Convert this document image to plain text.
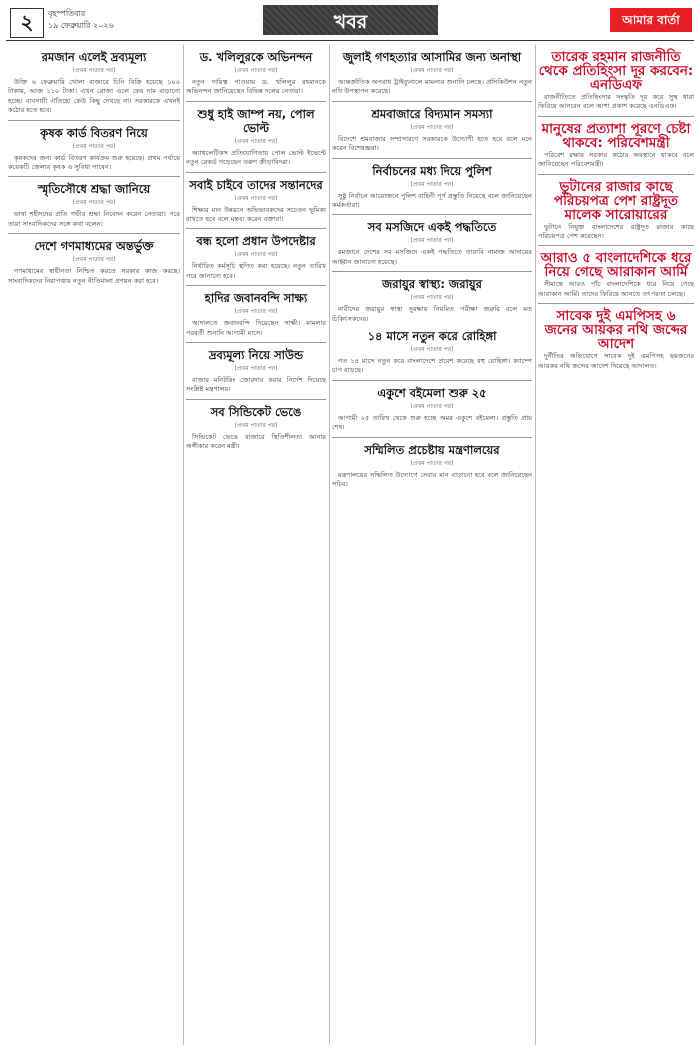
২	বৃহস্পতিবার
১৯ ফেব্রুয়ারি ২০২৬	খবর	আমার বার্তা
রমজান এলেই দ্রব্যমূল্য
(প্রথম পাতার পর)

উক্তি ৬ ফেব্রুয়ারি খোলা বাজারে চিনি বিক্রি হয়েছে ১০০ টাকায়, আজ ১১০ টাকা। এখন রোজা এলে ফের দাম বাড়ানো হচ্ছে। ব্যবসায়ী ঐতিহ্যে কেউ কিছু দেখছে না। সরকারকে এখনই কঠোর হতে হবে।

কৃষক কার্ড বিতরণ নিয়ে
(প্রথম পাতার পর)

কৃষকদের জন্য কার্ড বিতরণ কার্যক্রম শুরু হয়েছে। প্রথম পর্যায়ে কয়েকটি জেলার কৃষক এ সুবিধা পাবেন।

স্মৃতিসৌধে শ্রদ্ধা জানিয়ে
(প্রথম পাতার পর)

ভাষা শহীদদের প্রতি গভীর শ্রদ্ধা নিবেদন করেন নেতারা। পরে তারা সাংবাদিকদের সঙ্গে কথা বলেন।

দেশে গণমাধ্যমের অন্তর্ভুক্ত
(প্রথম পাতার পর)

গণমাধ্যমের স্বাধীনতা নিশ্চিত করতে সরকার কাজ করছে। সাংবাদিকদের নিরাপত্তায় নতুন নীতিমালা প্রণয়ন করা হবে।

ড. খলিলুরকে অভিনন্দন
(প্রথম পাতার পর)

নতুন দায়িত্ব পাওয়ায় ড. খলিলুর রহমানকে অভিনন্দন জানিয়েছেন বিভিন্ন দলের নেতারা।

শুধু হাই জাম্প নয়, পোল ভোল্ট
(প্রথম পাতার পর)

অ্যাথলেটিকস প্রতিযোগিতায় পোল ভোল্ট ইভেন্টে নতুন রেকর্ড গড়েছেন তরুণ ক্রীড়াবিদরা।

সবাই চাইবে তাদের সন্তানদের
(প্রথম পাতার পর)

শিক্ষার মান উন্নয়নে অভিভাবকদের সচেতন ভূমিকা রাখতে হবে বলে মন্তব্য করেন বক্তারা।

বন্ধ হলো প্রধান উপদেষ্টার
(প্রথম পাতার পর)

নির্ধারিত কর্মসূচি স্থগিত করা হয়েছে। নতুন তারিখ পরে জানানো হবে।

হাদির জবানবন্দি সাক্ষ্য
(প্রথম পাতার পর)

আদালতে জবানবন্দি দিয়েছেন সাক্ষী। মামলার পরবর্তী শুনানি আগামী মাসে।

দ্রব্যমূল্য নিয়ে সাউন্ড
(প্রথম পাতার পর)

বাজার মনিটরিং জোরদার করার নির্দেশ দিয়েছে সংশ্লিষ্ট মন্ত্রণালয়।

সব সিন্ডিকেট ভেঙে
(প্রথম পাতার পর)

সিন্ডিকেট ভেঙে বাজারে স্থিতিশীলতা আনার অঙ্গীকার করেন মন্ত্রী।

জুলাই গণহত্যার আসামির জন্য অনাস্থা
(প্রথম পাতার পর)

আন্তর্জাতিক অপরাধ ট্রাইব্যুনালে মামলার শুনানি চলছে। প্রসিকিউশন নতুন নথি উপস্থাপন করেছে।

শ্রমবাজারে বিদ্যমান সমস্যা
(প্রথম পাতার পর)

বিদেশে শ্রমবাজার সম্প্রসারণে সরকারকে উদ্যোগী হতে হবে বলে মনে করেন বিশেষজ্ঞরা।

নির্বাচনের মধ্য দিয়ে পুলিশ
(প্রথম পাতার পর)

সুষ্ঠু নির্বাচন আয়োজনে পুলিশ বাহিনী পূর্ণ প্রস্তুতি নিয়েছে বলে জানিয়েছেন কর্মকর্তারা।

সব মসজিদে একই পদ্ধতিতে
(প্রথম পাতার পর)

রমজানে দেশের সব মসজিদে একই পদ্ধতিতে তারাবি নামাজ আদায়ের আহ্বান জানানো হয়েছে।

জরায়ুর স্বাস্থ্য: জরায়ুর
(প্রথম পাতার পর)

নারীদের জরায়ুর স্বাস্থ্য সুরক্ষায় নিয়মিত পরীক্ষা জরুরি বলে মত চিকিৎসকদের।

১৪ মাসে নতুন করে রোহিঙ্গা
(প্রথম পাতার পর)

গত ১৪ মাসে নতুন করে বাংলাদেশে প্রবেশ করেছে বহু রোহিঙ্গা। ক্যাম্পে চাপ বাড়ছে।

একুশে বইমেলা শুরু ২৫
(প্রথম পাতার পর)

আগামী ২৫ তারিখ থেকে শুরু হচ্ছে অমর একুশে বইমেলা। প্রস্তুতি প্রায় শেষ।

সম্মিলিত প্রচেষ্টায় মন্ত্রণালয়ের
(প্রথম পাতার পর)

মন্ত্রণালয়ের সম্মিলিত উদ্যোগে সেবার মান বাড়ানো হবে বলে জানিয়েছেন সচিব।

তারেক রহমান রাজনীতি থেকে প্রতিহিংসা দূর করবেন: এনডিএফ

রাজনীতিতে প্রতিহিংসার সংস্কৃতি দূর করে সুস্থ ধারা ফিরিয়ে আনবেন বলে আশা প্রকাশ করেছে এনডিএফ।

মানুষের প্রত্যাশা পূরণে চেষ্টা থাকবে: পরিবেশমন্ত্রী

পরিবেশ রক্ষায় সরকার কঠোর অবস্থানে থাকবে বলে জানিয়েছেন পরিবেশমন্ত্রী।

ভুটানের রাজার কাছে পরিচয়পত্র পেশ রাষ্ট্রদূত মালেক সারোয়ারের

ভুটানে নিযুক্ত বাংলাদেশের রাষ্ট্রদূত রাজার কাছে পরিচয়পত্র পেশ করেছেন।

আরাও ৫ বাংলাদেশিকে ধরে নিয়ে গেছে আরাকান আর্মি

সীমান্তে আরও পাঁচ বাংলাদেশিকে ধরে নিয়ে গেছে আরাকান আর্মি। তাদের ফিরিয়ে আনতে তৎপরতা চলছে।

সাবেক দুই এমপিসহ ৬ জনের আয়কর নথি জব্দের আদেশ

দুর্নীতির অভিযোগে সাবেক দুই এমপিসহ ছয়জনের আয়কর নথি জব্দের আদেশ দিয়েছে আদালত।
